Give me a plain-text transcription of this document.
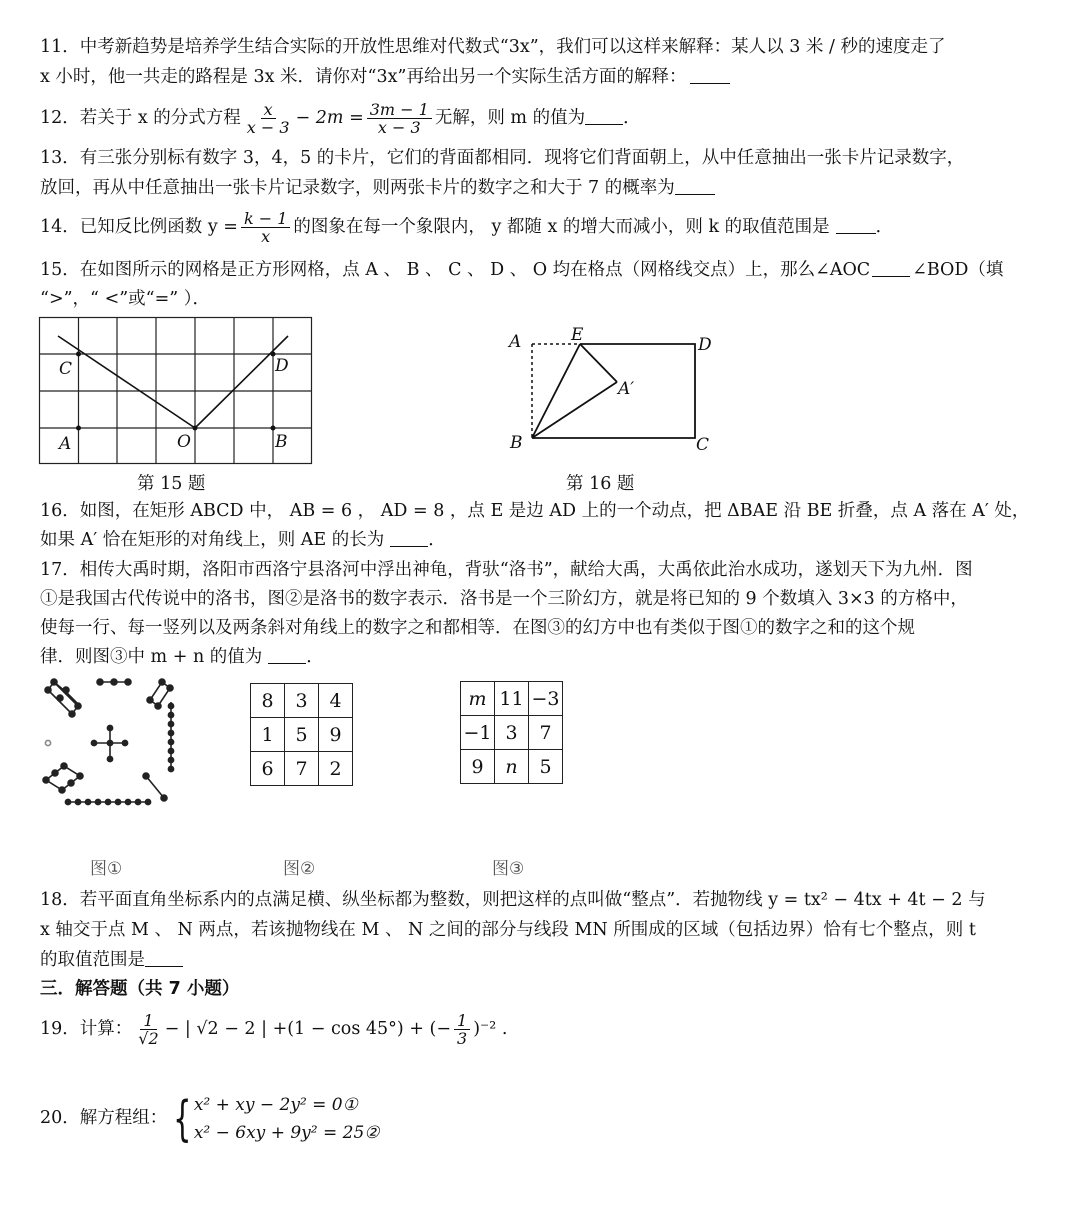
11．中考新趋势是培养学生结合实际的开放性思维对代数式“3x”，我们可以这样来解释：某人以 3 米 / 秒的速度走了
x 小时，他一共走的路程是 3x 米．请你对“3x”再给出另一个实际生活方面的解释：
12．若关于 x 的分式方程 $\frac{x}{x - 3} - 2m = \frac{3m - 1}{x - 3}$ 无解，则 m 的值为 ．
13．有三张分别标有数字 3，4，5 的卡片，它们的背面都相同．现将它们背面朝上，从中任意抽出一张卡片记录数字，
放回，再从中任意抽出一张卡片记录数字，则两张卡片的数字之和大于 7 的概率为
14．已知反比例函数 $y = \frac{k - 1}{x}$ 的图象在每一个象限内， y 都随 x 的增大而减小，则 k 的取值范围是	．
15．在如图所示的网格是正方形网格，点 A 、 B 、 C 、 D 、 O 均在格点（网格线交点）上，那么∠AOC ∠BOD（填
“>”，“ <”或“=” ）．
C	D
A	O	B
第 15 题
A	E	D
A′
B	C
第 16 题
16．如图，在矩形 ABCD 中， AB = 6 ， AD = 8 ，点 E 是边 AD 上的一个动点，把 ΔBAE 沿 BE 折叠，点 A 落在 A′ 处，
如果 A′ 恰在矩形的对角线上，则 AE 的长为	．
17．相传大禹时期，洛阳市西洛宁县洛河中浮出神龟，背驮“洛书”，献给大禹，大禹依此治水成功，遂划天下为九州．图
①是我国古代传说中的洛书，图②是洛书的数字表示．洛书是一个三阶幻方，就是将已知的 9 个数填入 3×3 的方格中，
使每一行、每一竖列以及两条斜对角线上的数字之和都相等．在图③的幻方中也有类似于图①的数字之和的这个规
律．则图③中 m + n 的值为	．
8	3	4
1	5	9
6	7	2
m	11	−3
−1	3	7
9	n	5
图①	图②	图③
18．若平面直角坐标系内的点满足横、纵坐标都为整数，则把这样的点叫做“整点”．若抛物线 y = tx² − 4tx + 4t − 2 与
x 轴交于点 M 、 N 两点，若该抛物线在 M 、 N 之间的部分与线段 MN 所围成的区域（包括边界）恰有七个整点，则 t
的取值范围是
三．解答题（共 7 小题）
19．计算： $\frac{1}{√2}$ − | √2 − 2 | +(1 − cos 45°) + (− $\frac{1}{3} )^{-2}$ .
20．解方程组： { x² + xy − 2y² = 0①
x² − 6xy + 9y² = 25②
